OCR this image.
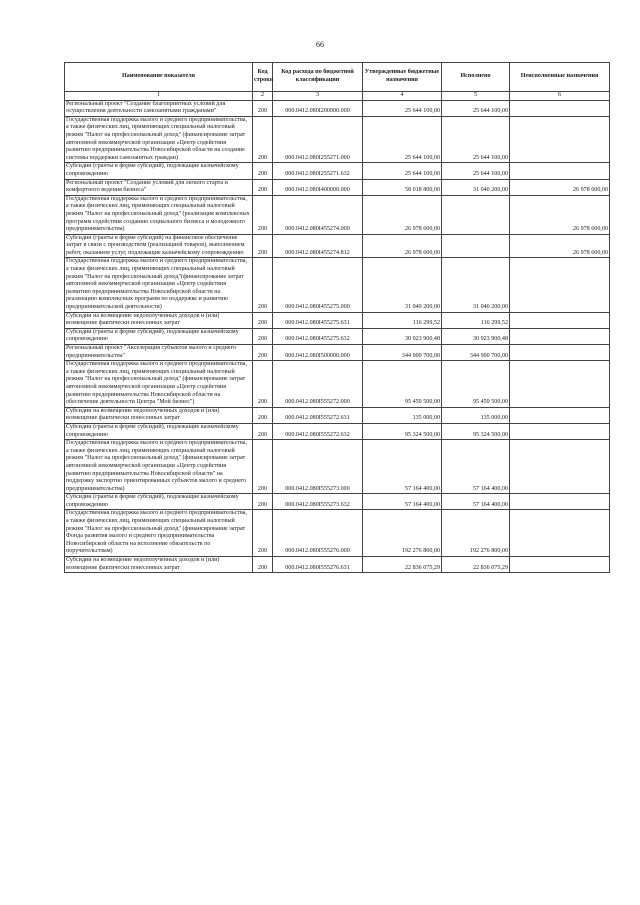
66
Наименование показателя	Код строки	Код расхода по бюджетной классификации	Утвержденные бюджетные назначения	Исполнено	Неисполненные назначения
1	2	3	4	5	6
Региональный проект "Создание благоприятных условий для осуществления деятельности самозанятыми гражданами"	200	000.0412.080I200000.000	25 644 100,00	25 644 100,00	
Государственная поддержка малого и среднего предпринимательства, а также физических лиц, применяющих специальный налоговый режим "Налог на профессиональный доход" (финансирование затрат автономной некоммерческой организации «Центр содействия развитию предпринимательства Новосибирской области на создание системы поддержки самозанятых граждан)	200	000.0412.080I255271.000	25 644 100,00	25 644 100,00	
Субсидии (гранты в форме субсидий), подлежащие казначейскому сопровождению	200	000.0412.080I255271.632	25 644 100,00	25 644 100,00	
Региональный проект "Создание условий для легкого старта и комфортного ведения бизнеса"	200	000.0412.080I400000.000	58 018 800,00	31 040 200,00	26 978 600,00
Государственная поддержка малого и среднего предпринимательства, а также физических лиц, применяющих специальный налоговый режим "Налог на профессиональный доход" (реализация комплексных программ содействия созданию социального бизнеса и молодежного предпринимательства)	200	000.0412.080I455274.000	26 978 600,00		26 978 600,00
Субсидии (гранты в форме субсидий) на финансовое обеспечение затрат в связи с производством (реализацией товаров), выполнением работ, оказанием услуг, подлежащие казначейскому сопровождению	200	000.0412.080I455274.812	26 978 600,00		26 978 600,00
Государственная поддержка малого и среднего предпринимательства, а также физических лиц, применяющих специальный налоговый режим "Налог на профессиональный доход"(финансирование затрат автономной некоммерческой организации «Центр содействия развитию предпринимательства Новосибирской области на реализацию комплексных программ по поддержке и развитию предпринимательской деятельности)	200	000.0412.080I455275.000	31 040 200,00	31 040 200,00	
Субсидии на возмещение недополученных доходов и (или) возмещение фактически понесенных затрат	200	000.0412.080I455275.631	116 299,52	116 299,52	
Субсидии (гранты в форме субсидий), подлежащие казначейскому сопровождению	200	000.0412.080I455275.632	30 923 900,48	30 923 900,48	
Региональный проект "Акселерация субъектов малого и среднего предпринимательства"	200	000.0412.080I500000.000	344 900 700,00	344 900 700,00	
Государственная поддержка малого и среднего предпринимательства, а также физических лиц, применяющих специальный налоговый режим "Налог на профессиональный доход" (финансирование затрат автономной некоммерческой организации «Центр содействия развитию предпринимательства Новосибирской области на обеспечение деятельности Центра "Мой бизнес")	200	000.0412.080I555272.000	95 459 500,00	95 459 500,00	
Субсидии на возмещение недополученных доходов и (или) возмещение фактически понесенных затрат	200	000.0412.080I555272.631	135 000,00	135 000,00	
Субсидии (гранты в форме субсидий), подлежащие казначейскому сопровождению	200	000.0412.080I555272.632	95 324 500,00	95 324 500,00	
Государственная поддержка малого и среднего предпринимательства, а также физических лиц, применяющих специальный налоговый режим "Налог на профессиональный доход" (финансирование затрат автономной некоммерческой организации «Центр содействия развитию предпринимательства Новосибирской области" на поддержку экспортно ориентированных субъектов малого и среднего предпринимательства)	200	000.0412.080I555273.000	57 164 400,00	57 164 400,00	
Субсидии (гранты в форме субсидий), подлежащие казначейскому сопровождению	200	000.0412.080I555273.632	57 164 400,00	57 164 400,00	
Государственная поддержка малого и среднего предпринимательства, а также физических лиц, применяющих специальный налоговый режим "Налог на профессиональный доход" (финансирование затрат Фонда развития малого и среднего предпринимательства Новосибирской области на исполнение обязательств по поручительствам)	200	000.0412.080I555276.000	192 276 800,00	192 276 800,00	
Субсидии на возмещение недополученных доходов и (или) возмещение фактически понесенных затрат	200	000.0412.080I555276.631	22 836 075,29	22 836 075,29	
